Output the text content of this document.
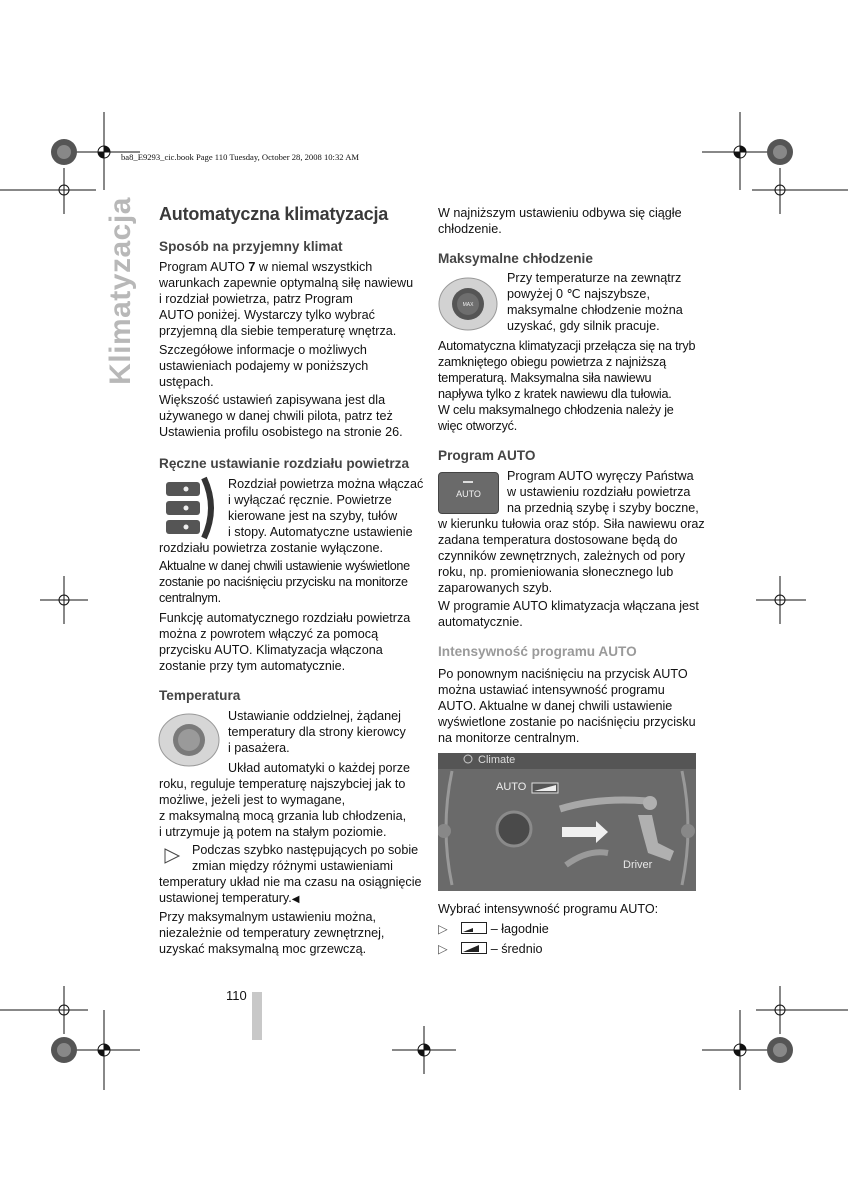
ba8_E9293_cic.book Page 110 Tuesday, October 28, 2008 10:32 AM
Klimatyzacja Automatyczna klimatyzacja
Sposób na przyjemny klimat
Program AUTO 7 w niemal wszystkich
warunkach zapewnie optymalną siłę nawiewu
i rozdział powietrza, patrz Program
AUTO poniżej. Wystarczy tylko wybrać
przyjemną dla siebie temperaturę wnętrza.
Szczegółowe informacje o możliwych
ustawieniach podajemy w poniższych
ustępach.
Większość ustawień zapisywana jest dla
używanego w danej chwili pilota, patrz też
Ustawienia profilu osobistego na stronie 26.
Ręczne ustawianie rozdziału powietrza
Rozdział powietrza można włączać
i wyłączać ręcznie. Powietrze
kierowane jest na szyby, tułów
i stopy. Automatyczne ustawienie
rozdziału powietrza zostanie wyłączone.
Aktualne w danej chwili ustawienie wyświetlone
zostanie po naciśnięciu przycisku na monitorze
centralnym.
Funkcję automatycznego rozdziału powietrza
można z powrotem włączyć za pomocą
przycisku AUTO. Klimatyzacja włączona
zostanie przy tym automatycznie.
Temperatura
Ustawianie oddzielnej, żądanej
temperatury dla strony kierowcy
i pasażera.
Układ automatyki o każdej porze
roku, reguluje temperaturę najszybciej jak to
możliwe, jeżeli jest to wymagane,
z maksymalną mocą grzania lub chłodzenia,
i utrzymuje ją potem na stałym poziomie.
Podczas szybko następujących po sobie
zmian między różnymi ustawieniami
temperatury układ nie ma czasu na osiągnięcie
ustawionej temperatury.◀
Przy maksymalnym ustawieniu można,
niezależnie od temperatury zewnętrznej,
uzyskać maksymalną moc grzewczą.
110
W najniższym ustawieniu odbywa się ciągłe
chłodzenie.
Maksymalne chłodzenie
MAX
Przy temperaturze na zewnątrz
powyżej 0 ℃ najszybsze,
maksymalne chłodzenie można
uzyskać, gdy silnik pracuje.
Automatyczna klimatyzacji przełącza się na tryb
zamkniętego obiegu powietrza z najniższą
temperaturą. Maksymalna siła nawiewu
napływa tylko z kratek nawiewu dla tułowia.
W celu maksymalnego chłodzenia należy je
więc otworzyć.
Program AUTO
AUTO
Program AUTO wyręczy Państwa
w ustawieniu rozdziału powietrza
na przednią szybę i szyby boczne,
w kierunku tułowia oraz stóp. Siła nawiewu oraz
zadana temperatura dostosowane będą do
czynników zewnętrznych, zależnych od pory
roku, np. promieniowania słonecznego lub
zaparowanych szyb.
W programie AUTO klimatyzacja włączana jest
automatycznie.
Intensywność programu AUTO
Po ponownym naciśnięciu na przycisk AUTO
można ustawiać intensywność programu
AUTO. Aktualne w danej chwili ustawienie
wyświetlone zostanie po naciśnięciu przycisku
na monitorze centralnym.
Climate
AUTO
Driver
Wybrać intensywność programu AUTO:
▷	– łagodnie
▷	– średnio
